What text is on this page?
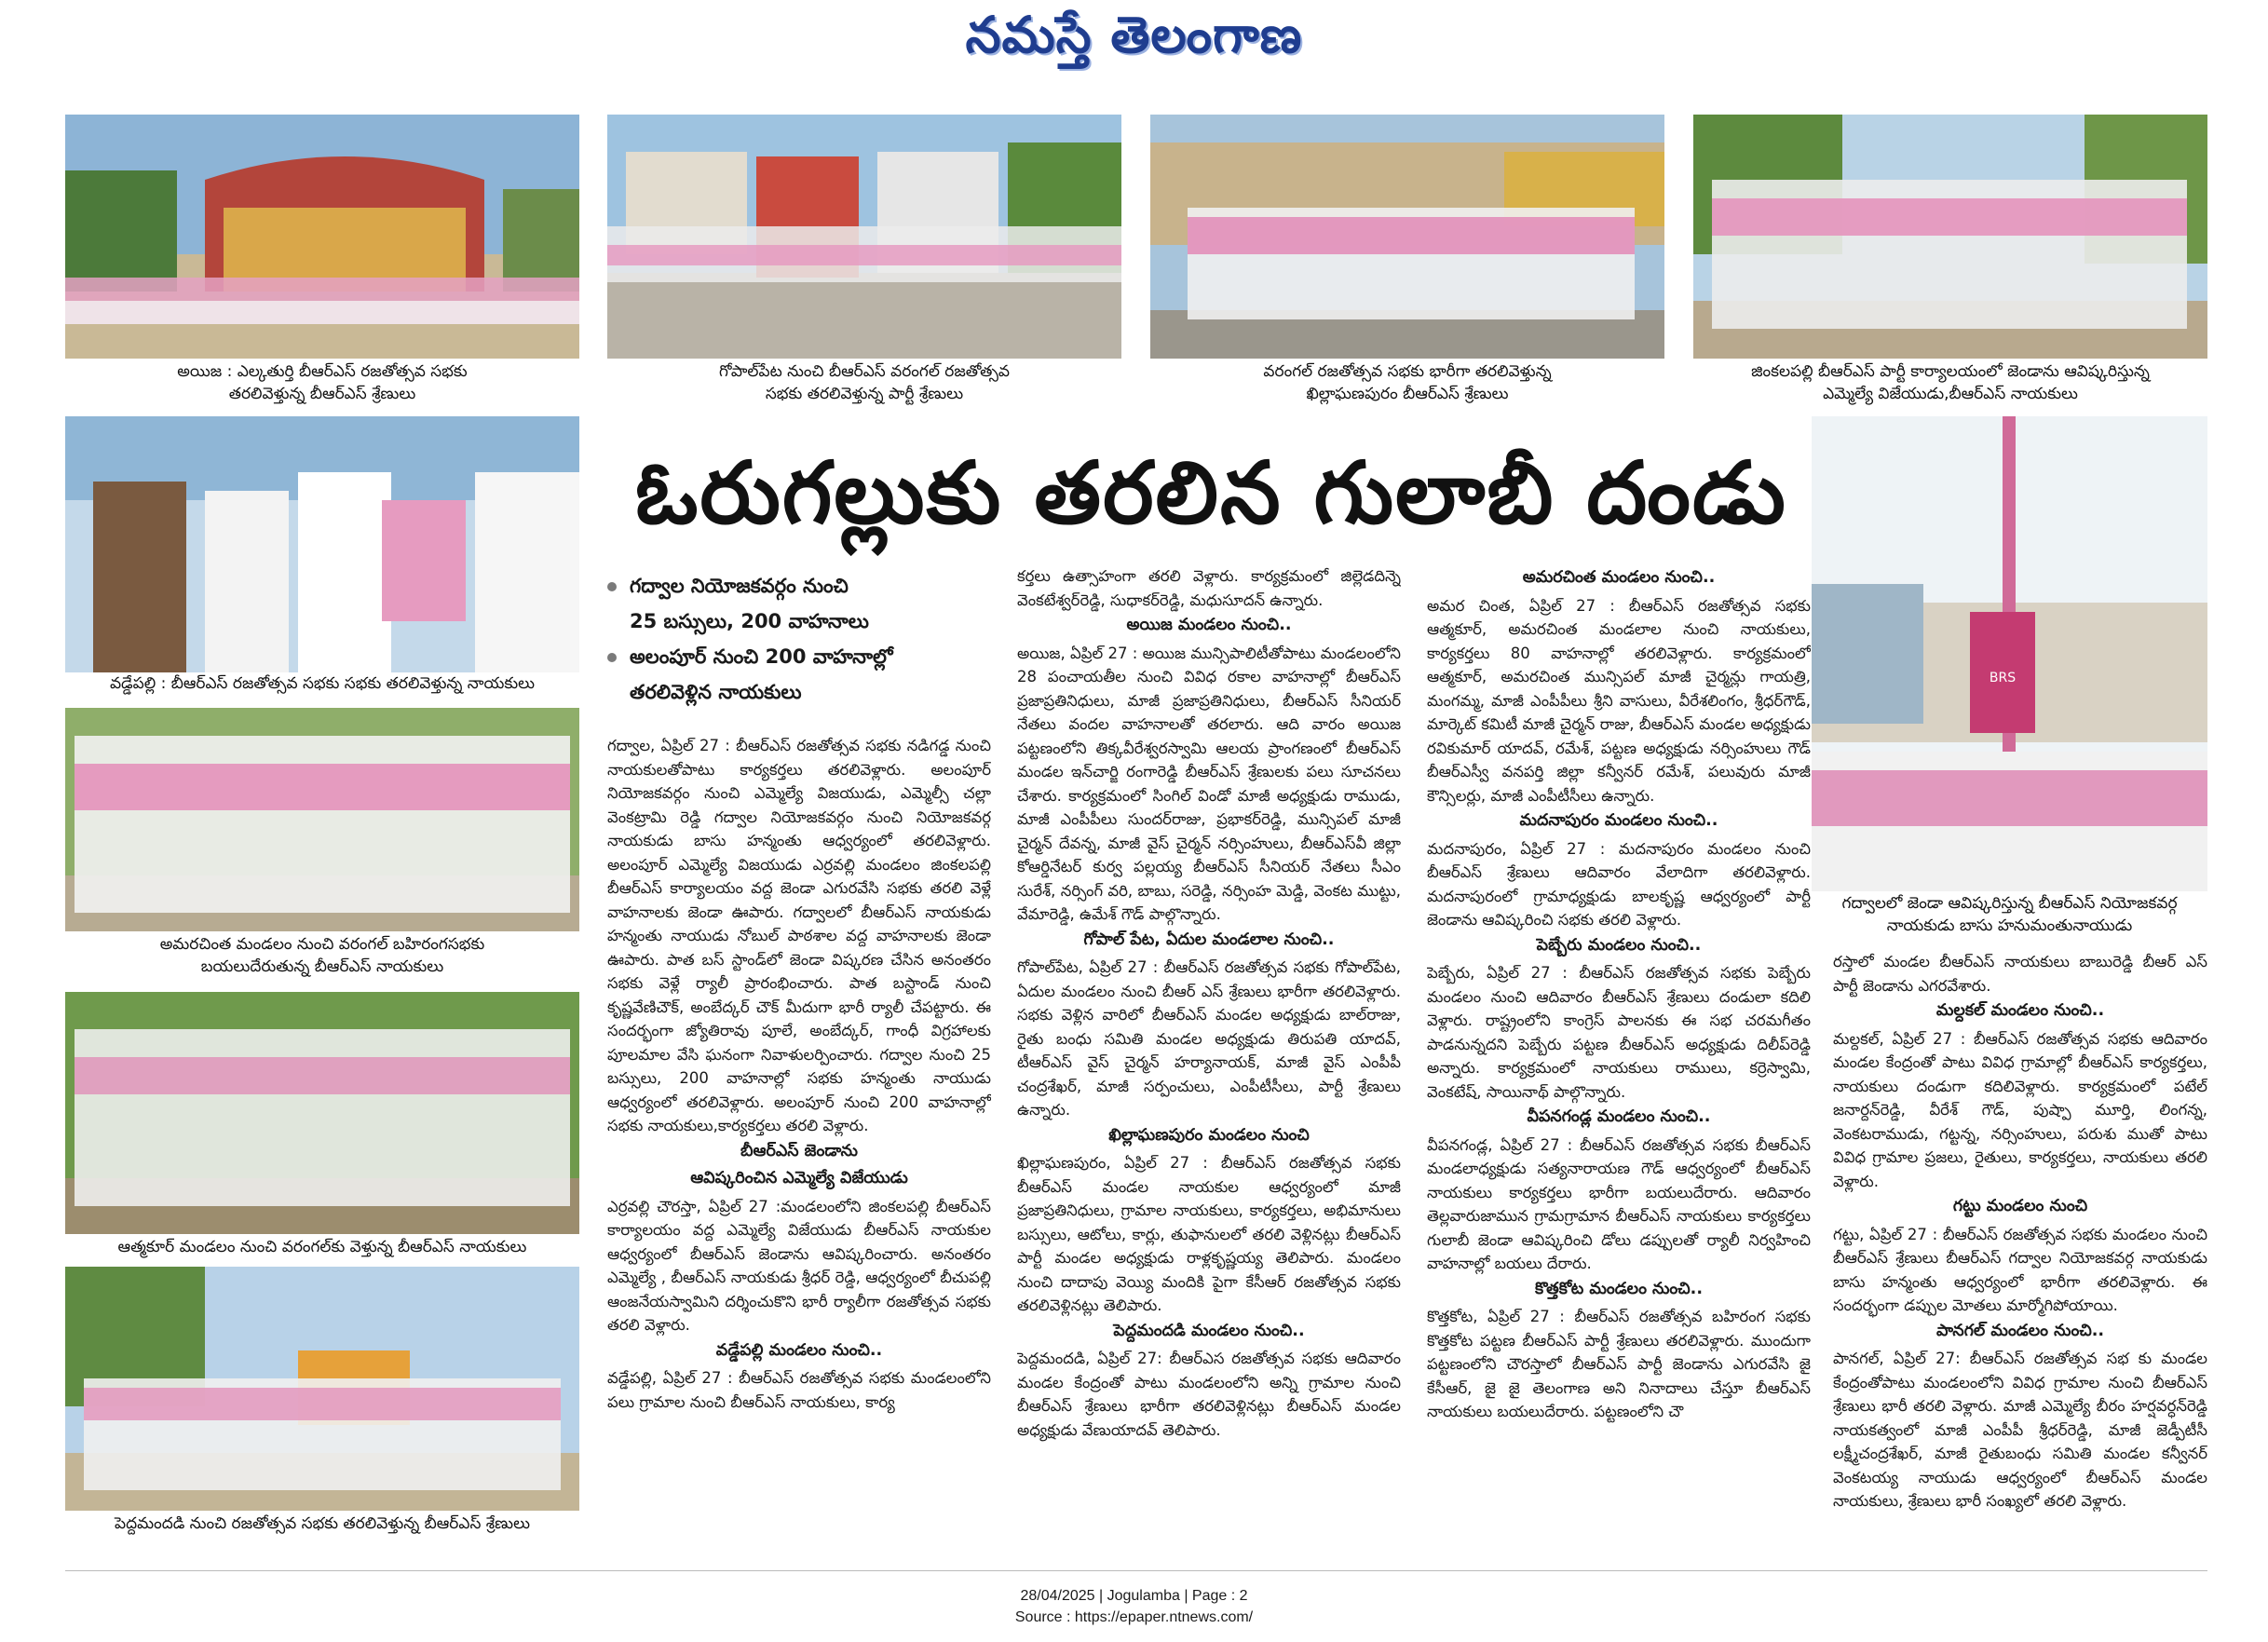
నమస్తే తెలంగాణ
అయిజ : ఎల్కతుర్తి బీఆర్ఎస్ రజతోత్సవ సభకు తరలివెళ్తున్న బీఆర్ఎస్ శ్రేణులు
గోపాల్‌పేట నుంచి బీఆర్ఎస్ వరంగల్ రజతోత్సవ సభకు తరలివెళ్తున్న పార్టీ శ్రేణులు
వరంగల్ రజతోత్సవ సభకు భారీగా తరలివెళ్తున్న ఖిల్లాఘణపురం బీఆర్ఎస్ శ్రేణులు
జింకలపల్లి బీఆర్ఎస్ పార్టీ కార్యాలయంలో జెండాను ఆవిష్కరిస్తున్న ఎమ్మెల్యే విజేయుడు,బీఆర్ఎస్ నాయకులు
వడ్డేపల్లి : బీఆర్ఎస్ రజతోత్సవ సభకు సభకు తరలివెళ్తున్న నాయకులు
అమరచింత మండలం నుంచి వరంగల్ బహిరంగసభకు బయలుదేరుతున్న బీఆర్ఎస్ నాయకులు
ఆత్మకూర్ మండలం నుంచి వరంగల్‌కు వెళ్తున్న బీఆర్ఎస్ నాయకులు
పెద్దమందడి నుంచి రజతోత్సవ సభకు తరలివెళ్తున్న బీఆర్ఎస్ శ్రేణులు
BRS
గద్వాలలో జెండా ఆవిష్కరిస్తున్న బీఆర్ఎస్ నియోజకవర్గ నాయకుడు బాసు హనుమంతునాయుడు
ఓరుగల్లుకు తరలిన గులాబీ దండు

గద్వాల నియోజకవర్గం నుంచి

25 బస్సులు, 200 వాహనాలు

అలంపూర్ నుంచి 200 వాహనాల్లో

తరలివెళ్లిన నాయకులు

గద్వాల, ఏప్రిల్ 27 : బీఆర్ఎస్ రజతోత్సవ సభకు నడిగడ్డ నుంచి నాయకులతోపాటు కార్యకర్తలు తరలివెళ్లారు. అలంపూర్ నియోజకవర్గం నుంచి ఎమ్మెల్యే విజయుడు, ఎమ్మెల్సీ చల్లా వెంకట్రామి రెడ్డి గద్వాల నియోజకవర్గం నుంచి నియోజకవర్గ నాయకుడు బాసు హన్మంతు ఆధ్వర్యంలో తరలివెళ్లారు. అలంపూర్ ఎమ్మెల్యే విజయుడు ఎర్రవల్లి మండలం జింకలపల్లి బీఆర్ఎస్ కార్యాలయం వద్ద జెండా ఎగురవేసి సభకు తరలి వెళ్లే వాహనాలకు జెండా ఊపారు. గద్వాలలో బీఆర్ఎస్ నాయకుడు హన్మంతు నాయుడు నోబుల్ పాఠశాల వద్ద వాహనాలకు జెండా ఊపారు. పాత బస్ స్టాండ్‌లో జెండా విష్కరణ చేసిన అనంతరం సభకు వెళ్లే ర్యాలీ ప్రారంభించారు. పాత బస్టాండ్ నుంచి కృష్ణవేణిచౌక్, అంబేద్కర్ చౌక్ మీదుగా భారీ ర్యాలీ చేపట్టారు. ఈ సందర్భంగా జ్యోతిరావు పూలే, అంబేద్కర్, గాంధీ విగ్రహాలకు పూలమాల వేసి ఘనంగా నివాళులర్పించారు. గద్వాల నుంచి 25 బస్సులు, 200 వాహనాల్లో సభకు హన్మంతు నాయుడు ఆధ్వర్యంలో తరలివెళ్లారు. అలంపూర్ నుంచి 200 వాహనాల్లో సభకు నాయకులు,కార్యకర్తలు తరలి వెళ్లారు.

బీఆర్ఎస్ జెండాను
ఆవిష్కరించిన ఎమ్మెల్యే విజేయుడు

ఎర్రవల్లి చౌరస్తా, ఏప్రిల్ 27 :మండలంలోని జింకలపల్లి బీఆర్ఎస్ కార్యాలయం వద్ద ఎమ్మెల్యే విజేయుడు బీఆర్ఎస్ నాయకుల ఆధ్వర్యంలో బీఆర్ఎస్ జెండాను ఆవిష్కరించారు. అనంతరం ఎమ్మెల్యే , బీఆర్ఎస్ నాయకుడు శ్రీధర్ రెడ్డి, ఆధ్వర్యంలో బీచుపల్లి ఆంజనేయస్వామిని దర్శించుకొని భారీ ర్యాలీగా రజతోత్సవ సభకు తరలి వెళ్లారు.

వడ్డేపల్లి మండలం నుంచి..

వడ్డేపల్లి, ఏప్రిల్ 27 : బీఆర్ఎస్ రజతోత్సవ సభకు మండలంలోని పలు గ్రామాల నుంచి బీఆర్ఎస్ నాయకులు, కార్య

కర్తలు ఉత్సాహంగా తరలి వెళ్లారు. కార్యక్రమంలో జిల్లెడదిన్నె వెంకటేశ్వర్‌రెడ్డి, సుధాకర్‌రెడ్డి, మధుసూదన్ ఉన్నారు.

అయిజ మండలం నుంచి..

అయిజ, ఏప్రిల్ 27 : అయిజ మున్సిపాలిటీతోపాటు మండలంలోని 28 పంచాయతీల నుంచి వివిధ రకాల వాహనాల్లో బీఆర్ఎస్ ప్రజాప్రతినిధులు, మాజీ ప్రజాప్రతినిధులు, బీఆర్ఎస్ సీనియర్ నేతలు వందల వాహనాలతో తరలారు. ఆది వారం అయిజ పట్టణంలోని తిక్కవీరేశ్వరస్వామి ఆలయ ప్రాంగణంలో బీఆర్ఎస్ మండల ఇన్‌చార్జి రంగారెడ్డి బీఆర్ఎస్ శ్రేణులకు పలు సూచనలు చేశారు. కార్యక్రమంలో సింగిల్ విండో మాజీ అధ్యక్షుడు రాముడు, మాజీ ఎంపీపీలు సుందర్‌రాజు, ప్రభాకర్‌రెడ్డి, మున్సిపల్ మాజీ చైర్మన్ దేవన్న, మాజీ వైస్ చైర్మన్ నర్సింహులు, బీఆర్ఎస్‌వీ జిల్లా కోఆర్డినేటర్ కుర్వ పల్లయ్య బీఆర్ఎస్ సీనియర్ నేతలు సీఎం సురేశ్, నర్సింగ్ వరి, బాబు, సరెడ్డి, నర్సింహ మెడ్డి, వెంకట ముట్టు, వేమారెడ్డి, ఉమేశ్ గౌడ్ పాల్గొన్నారు.

గోపాల్ పేట, ఏదుల మండలాల నుంచి..

గోపాల్‌పేట, ఏప్రిల్ 27 : బీఆర్ఎస్ రజతోత్సవ సభకు గోపాల్‌పేట, ఏదుల మండలం నుంచి బీఆర్ ఎస్ శ్రేణులు భారీగా తరలివెళ్లారు. సభకు వెళ్లిన వారిలో బీఆర్ఎస్ మండల అధ్యక్షుడు బాల్‌రాజు, రైతు బంధు సమితి మండల అధ్యక్షుడు తిరుపతి యాదవ్, టీఆర్ఎస్ వైస్ చైర్మన్ హర్యానాయక్, మాజీ వైస్ ఎంపీపీ చంద్రశేఖర్, మాజీ సర్పంచులు, ఎంపీటీసీలు, పార్టీ శ్రేణులు ఉన్నారు.

ఖిల్లాఘణపురం మండలం నుంచి

ఖిల్లాఘణపురం, ఏప్రిల్ 27 : బీఆర్ఎస్ రజతోత్సవ సభకు బీఆర్ఎస్ మండల నాయకుల ఆధ్వర్యంలో మాజీ ప్రజాప్రతినిధులు, గ్రామాల నాయకులు, కార్యకర్తలు, అభిమానులు బస్సులు, ఆటోలు, కార్లు, తుఫానులలో తరలి వెళ్లినట్లు బీఆర్ఎస్ పార్టీ మండల అధ్యక్షుడు రాళ్లకృష్ణయ్య తెలిపారు. మండలం నుంచి దాదాపు వెయ్యి మందికి పైగా కేసీఆర్ రజతోత్సవ సభకు తరలివెళ్లినట్లు తెలిపారు.

పెద్దమందడి మండలం నుంచి..

పెద్దమందడి, ఏప్రిల్ 27: బీఆర్ఎస రజతోత్సవ సభకు ఆదివారం మండల కేంద్రంతో పాటు మండలంలోని అన్ని గ్రామాల నుంచి బీఆర్ఎస్ శ్రేణులు భారీగా తరలివెళ్లినట్లు బీఆర్ఎస్ మండల అధ్యక్షుడు వేణుయాదవ్ తెలిపారు.

అమరచింత మండలం నుంచి..

అమర చింత, ఏప్రిల్ 27 : బీఆర్ఎస్ రజతోత్సవ సభకు ఆత్మకూర్, అమరచింత మండలాల నుంచి నాయకులు, కార్యకర్తలు 80 వాహనాల్లో తరలివెళ్లారు. కార్యక్రమంలో ఆత్మకూర్, అమరచింత మున్సిపల్ మాజీ చైర్మన్లు గాయత్రి, మంగమ్మ, మాజీ ఎంపీపీలు శ్రీని వాసులు, వీరేశలింగం, శ్రీధర్‌గౌడ్, మార్కెట్ కమిటీ మాజీ చైర్మన్ రాజు, బీఆర్ఎస్ మండల అధ్యక్షుడు రవికుమార్ యాదవ్, రమేశ్, పట్టణ అధ్యక్షుడు నర్సింహులు గౌడ్ బీఆర్ఎస్వీ వనపర్తి జిల్లా కన్వీనర్ రమేశ్, పలువురు మాజీ కౌన్సిలర్లు, మాజీ ఎంపీటీసీలు ఉన్నారు.

మదనాపురం మండలం నుంచి..

మదనాపురం, ఏప్రిల్ 27 : మదనాపురం మండలం నుంచి బీఆర్ఎస్ శ్రేణులు ఆదివారం వేలాదిగా తరలివెళ్లారు. మదనాపురంలో గ్రామాధ్యక్షుడు బాలకృష్ణ ఆధ్వర్యంలో పార్టీ జెండాను ఆవిష్కరించి సభకు తరలి వెళ్లారు.

పెబ్బేరు మండలం నుంచి..

పెబ్బేరు, ఏప్రిల్ 27 : బీఆర్ఎస్ రజతోత్సవ సభకు పెబ్బేరు మండలం నుంచి ఆదివారం బీఆర్ఎస్ శ్రేణులు దండులా కదిలి వెళ్లారు. రాష్ట్రంలోని కాంగ్రెస్ పాలనకు ఈ సభ చరమగీతం పాడనున్నదని పెబ్బేరు పట్టణ బీఆర్ఎస్ అధ్యక్షుడు దిలీప్‌రెడ్డి అన్నారు. కార్యక్రమంలో నాయకులు రాములు, కర్రెస్వామి, వెంకటేష్, సాయినాథ్ పాల్గొన్నారు.

వీపనగండ్ల మండలం నుంచి..

వీపనగండ్ల, ఏప్రిల్ 27 : బీఆర్ఎస్ రజతోత్సవ సభకు బీఆర్ఎస్ మండలాధ్యక్షుడు సత్యనారాయణ గౌడ్ ఆధ్వర్యంలో బీఆర్ఎస్ నాయకులు కార్యకర్తలు భారీగా బయలుదేరారు. ఆదివారం తెల్లవారుజామున గ్రామగ్రామాన బీఆర్ఎస్ నాయకులు కార్యకర్తలు గులాబీ జెండా ఆవిష్కరించి డోలు డప్పులతో ర్యాలీ నిర్వహించి వాహనాల్లో బయలు దేరారు.

కొత్తకోట మండలం నుంచి..

కొత్తకోట, ఏప్రిల్ 27 : బీఆర్ఎస్ రజతోత్సవ బహిరంగ సభకు కొత్తకోట పట్టణ బీఆర్ఎస్ పార్టీ శ్రేణులు తరలివెళ్లారు. ముందుగా పట్టణంలోని చౌరస్తాలో బీఆర్ఎస్ పార్టీ జెండాను ఎగురవేసి జై కేసీఆర్, జై జై తెలంగాణ అని నినాదాలు చేస్తూ బీఆర్ఎస్ నాయకులు బయలుదేరారు. పట్టణంలోని చౌ

రస్తాలో మండల బీఆర్ఎస్ నాయకులు బాబురెడ్డి బీఆర్ ఎస్ పార్టీ జెండాను ఎగరవేశారు.

మల్దకల్ మండలం నుంచి..

మల్దకల్, ఏప్రిల్ 27 : బీఆర్ఎస్ రజతోత్సవ సభకు ఆదివారం మండల కేంద్రంతో పాటు వివిధ గ్రామాల్లో బీఆర్ఎస్ కార్యకర్తలు, నాయకులు దండుగా కదిలివెళ్లారు. కార్యక్రమంలో పటేల్ జనార్దన్‌రెడ్డి, వీరేశ్ గౌడ్, పుష్పా మూర్తి, లింగన్న, వెంకటరాముడు, గట్టన్న, నర్సింహులు, పరుశు ముతో పాటు వివిధ గ్రామాల ప్రజలు, రైతులు, కార్యకర్తలు, నాయకులు తరలి వెళ్లారు.

గట్టు మండలం నుంచి

గట్టు, ఏప్రిల్ 27 : బీఆర్ఎస్ రజతోత్సవ సభకు మండలం నుంచి బీఆర్ఎస్ శ్రేణులు బీఆర్ఎస్ గద్వాల నియోజకవర్గ నాయకుడు బాసు హన్మంతు ఆధ్వర్యంలో భారీగా తరలివెళ్లారు. ఈ సందర్భంగా డప్పుల మోతలు మార్మోగిపోయాయి.

పానగల్ మండలం నుంచి..

పానగల్, ఏప్రిల్ 27: బీఆర్ఎస్ రజతోత్సవ సభ కు మండల కేంద్రంతోపాటు మండలంలోని వివిధ గ్రామాల నుంచి బీఆర్ఎస్ శ్రేణులు భారీ తరలి వెళ్లారు. మాజీ ఎమ్మెల్యే బీరం హర్షవర్ధన్‌రెడ్డి నాయకత్వంలో మాజీ ఎంపీపీ శ్రీధర్‌రెడ్డి, మాజీ జెడ్పీటీసీ లక్ష్మీచంద్రశేఖర్, మాజీ రైతుబంధు సమితి మండల కన్వీనర్ వెంకటయ్య నాయుడు ఆధ్వర్యంలో బీఆర్ఎస్ మండల నాయకులు, శ్రేణులు భారీ సంఖ్యలో తరలి వెళ్లారు.

28/04/2025 | Jogulamba | Page : 2
Source : https://epaper.ntnews.com/
